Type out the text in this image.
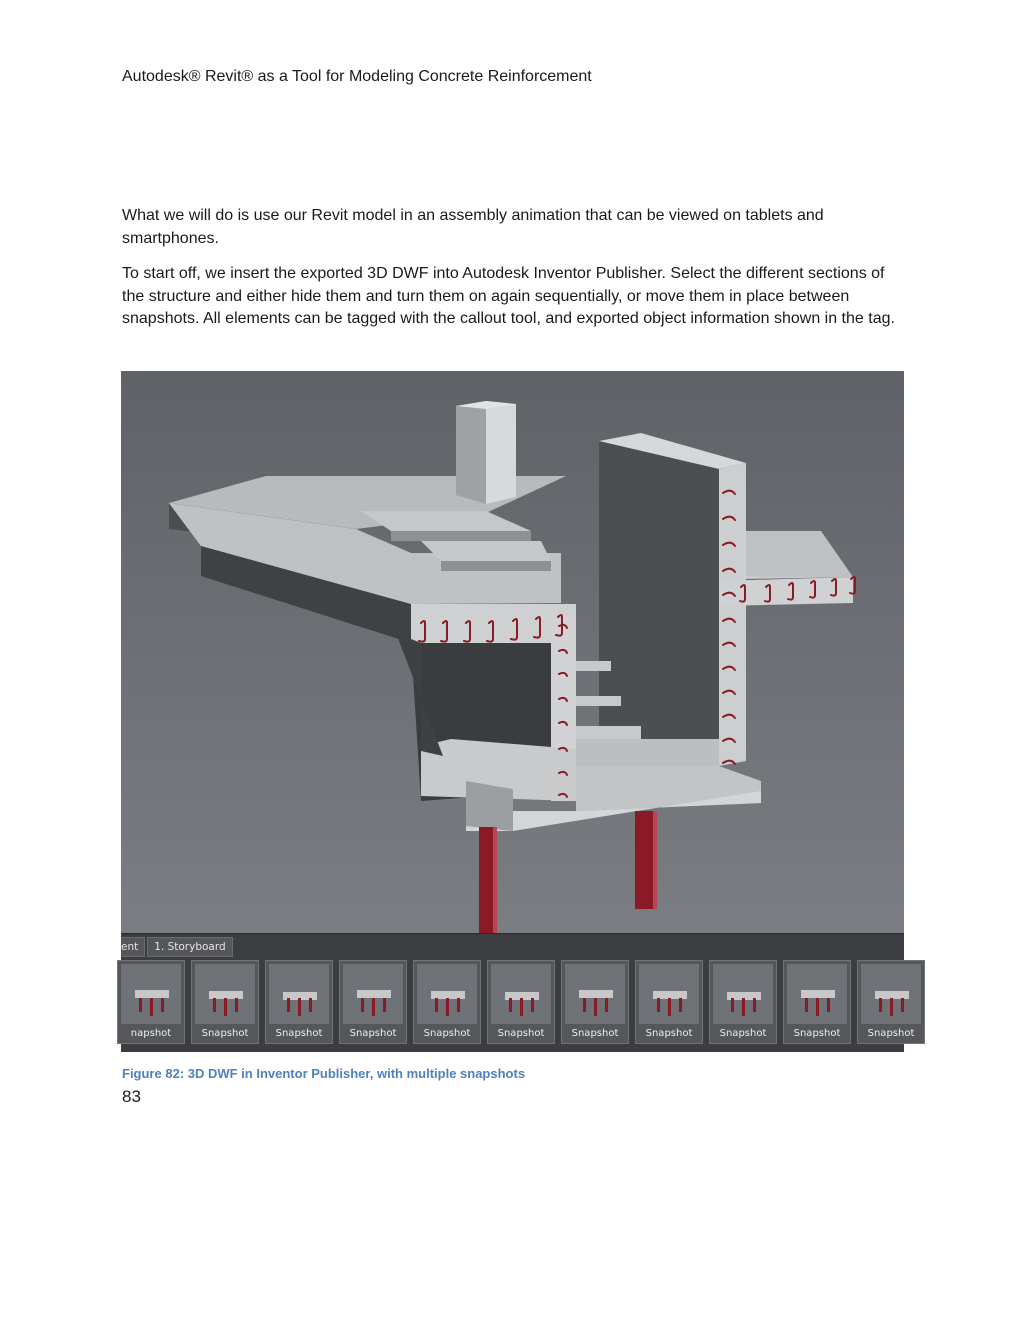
Autodesk® Revit® as a Tool for Modeling Concrete Reinforcement

What we will do is use our Revit model in an assembly animation that can be viewed on tablets and smartphones.

To start off, we insert the exported 3D DWF into Autodesk Inventor Publisher. Select the different sections of the structure and either hide them and turn them on again sequentially, or move them in place between snapshots. All elements can be tagged with the callout tool, and exported object information shown in the tag.

ent	1. Storyboard
napshot	Snapshot	Snapshot	Snapshot	Snapshot	Snapshot	Snapshot	Snapshot	Snapshot	Snapshot	Snapshot
Figure 82: 3D DWF in Inventor Publisher, with multiple snapshots
83
